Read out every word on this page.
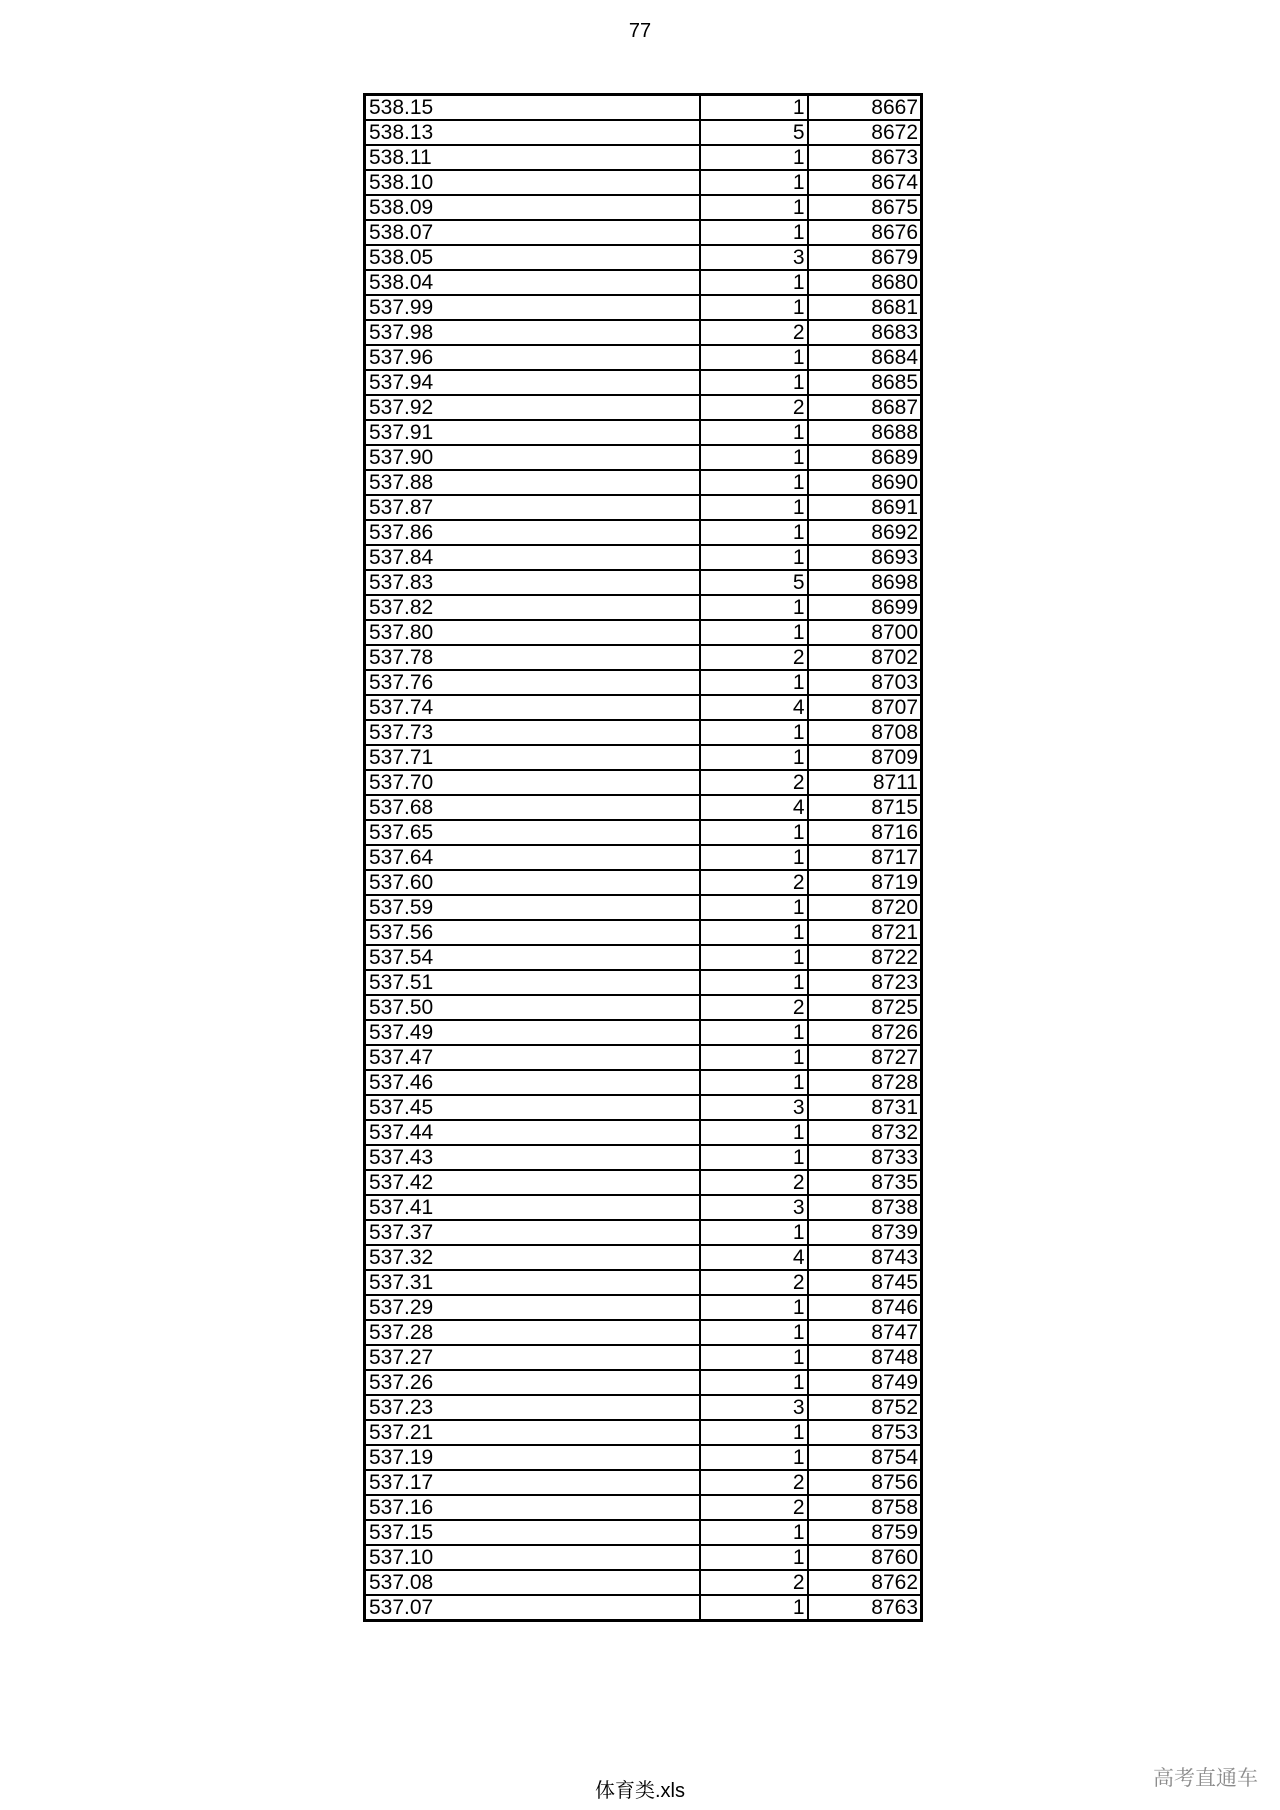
77
538.15	1	8667
538.13	5	8672
538.11	1	8673
538.10	1	8674
538.09	1	8675
538.07	1	8676
538.05	3	8679
538.04	1	8680
537.99	1	8681
537.98	2	8683
537.96	1	8684
537.94	1	8685
537.92	2	8687
537.91	1	8688
537.90	1	8689
537.88	1	8690
537.87	1	8691
537.86	1	8692
537.84	1	8693
537.83	5	8698
537.82	1	8699
537.80	1	8700
537.78	2	8702
537.76	1	8703
537.74	4	8707
537.73	1	8708
537.71	1	8709
537.70	2	8711
537.68	4	8715
537.65	1	8716
537.64	1	8717
537.60	2	8719
537.59	1	8720
537.56	1	8721
537.54	1	8722
537.51	1	8723
537.50	2	8725
537.49	1	8726
537.47	1	8727
537.46	1	8728
537.45	3	8731
537.44	1	8732
537.43	1	8733
537.42	2	8735
537.41	3	8738
537.37	1	8739
537.32	4	8743
537.31	2	8745
537.29	1	8746
537.28	1	8747
537.27	1	8748
537.26	1	8749
537.23	3	8752
537.21	1	8753
537.19	1	8754
537.17	2	8756
537.16	2	8758
537.15	1	8759
537.10	1	8760
537.08	2	8762
537.07	1	8763
体育类.xls
高考直通车
